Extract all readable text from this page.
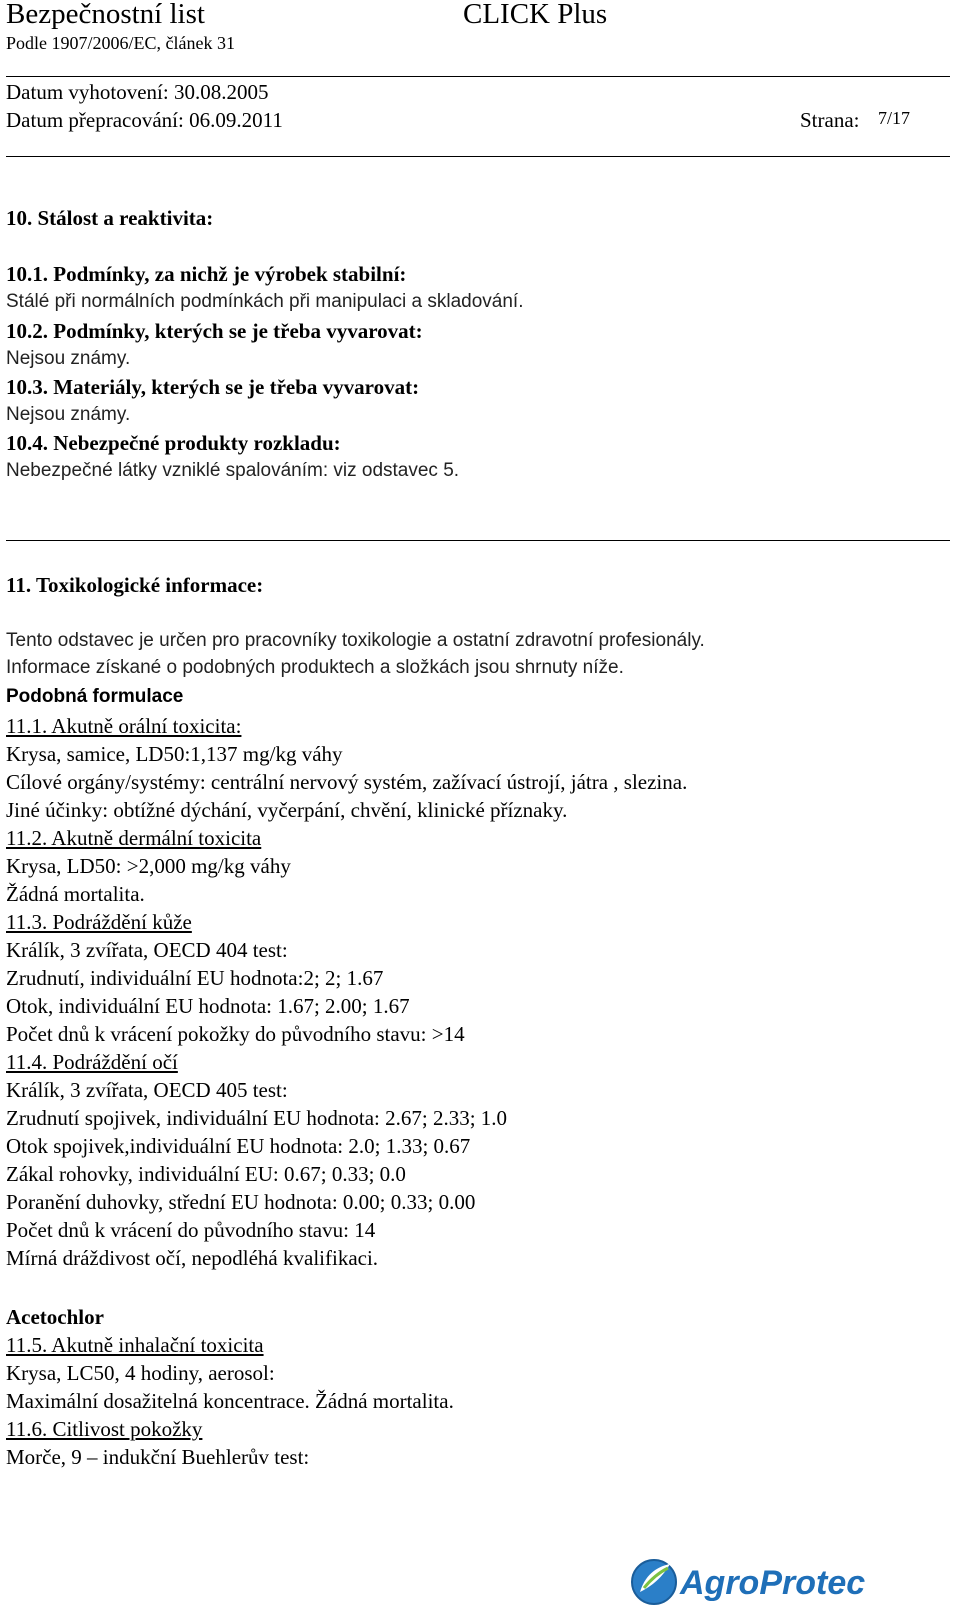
Bezpečnostní list	CLICK Plus
Podle 1907/2006/EC, článek 31
Datum vyhotovení: 30.08.2005
Datum přepracování: 06.09.2011	Strana: 7/17
10. Stálost a reaktivita:
10.1. Podmínky, za nichž je výrobek stabilní:
Stálé při normálních podmínkách při manipulaci a skladování.
10.2. Podmínky, kterých se je třeba vyvarovat:
Nejsou známy.
10.3. Materiály, kterých se je třeba vyvarovat:
Nejsou známy.
10.4. Nebezpečné produkty rozkladu:
Nebezpečné látky vzniklé spalováním: viz odstavec 5.
11. Toxikologické informace:
Tento odstavec je určen pro pracovníky toxikologie a ostatní zdravotní profesionály.
Informace získané o podobných produktech a složkách jsou shrnuty níže.
Podobná formulace
11.1. Akutně orální toxicita:
Krysa, samice, LD50:1,137 mg/kg váhy
Cílové orgány/systémy: centrální nervový systém, zažívací ústrojí, játra , slezina.
Jiné účinky: obtížné dýchání, vyčerpání, chvění, klinické příznaky.
11.2. Akutně dermální toxicita
Krysa, LD50: >2,000 mg/kg váhy
Žádná mortalita.
11.3. Podráždění kůže
Králík, 3 zvířata, OECD 404 test:
Zrudnutí, individuální EU hodnota:2; 2; 1.67
Otok, individuální EU hodnota: 1.67; 2.00; 1.67
Počet dnů k vrácení pokožky do původního stavu: >14
11.4. Podráždění očí
Králík, 3 zvířata, OECD 405 test:
Zrudnutí spojivek, individuální EU hodnota: 2.67; 2.33; 1.0
Otok spojivek,individuální EU hodnota: 2.0; 1.33; 0.67
Zákal rohovky, individuální EU: 0.67; 0.33; 0.0
Poranění duhovky, střední EU hodnota: 0.00; 0.33; 0.00
Počet dnů k vrácení do původního stavu: 14
Mírná dráždivost očí, nepodléhá kvalifikaci.
Acetochlor
11.5. Akutně inhalační toxicita
Krysa, LC50, 4 hodiny, aerosol:
Maximální dosažitelná koncentrace. Žádná mortalita.
11.6. Citlivost pokožky
Morče, 9 – indukční Buehlerův test:
AgroProtec
